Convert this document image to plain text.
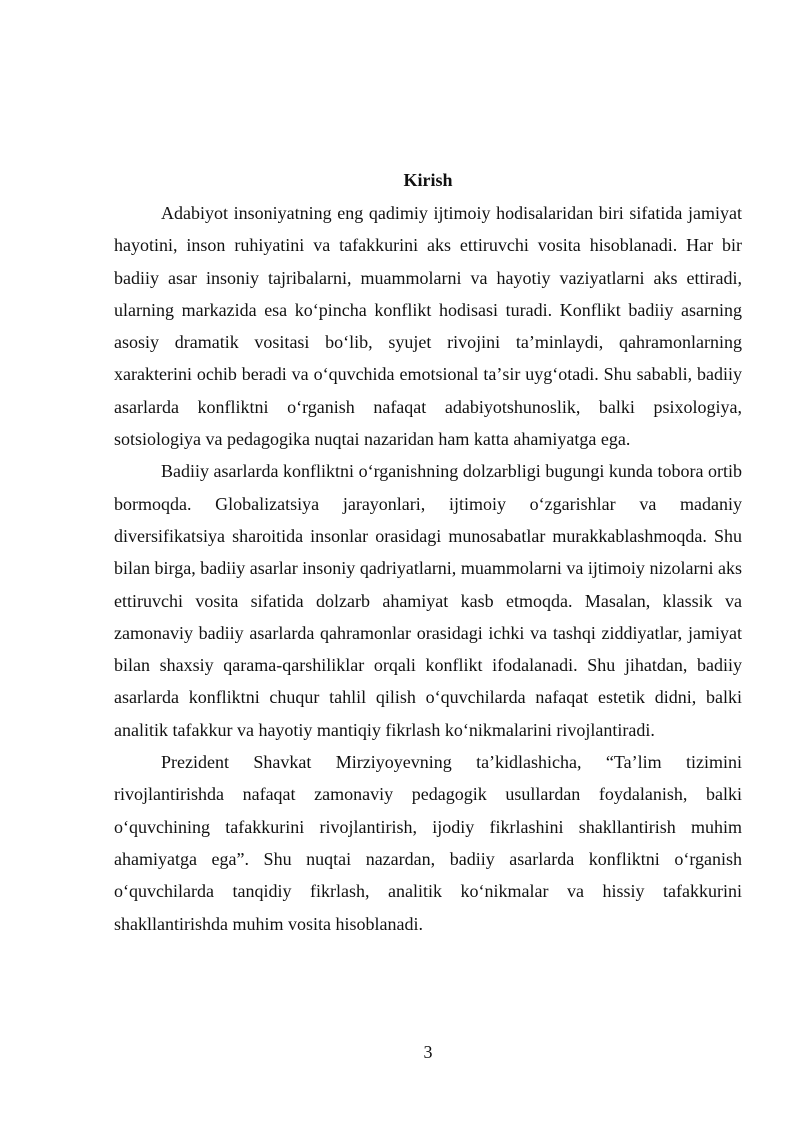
Kirish

Adabiyot insoniyatning eng qadimiy ijtimoiy hodisalaridan biri sifatida jamiyat hayotini, inson ruhiyatini va tafakkurini aks ettiruvchi vosita hisoblanadi. Har bir badiiy asar insoniy tajribalarni, muammolarni va hayotiy vaziyatlarni aks ettiradi, ularning markazida esa koʻpincha konflikt hodisasi turadi. Konflikt badiiy asarning asosiy dramatik vositasi boʻlib, syujet rivojini taʼminlaydi, qahramonlarning xarakterini ochib beradi va oʻquvchida emotsional taʼsir uygʻotadi. Shu sababli, badiiy asarlarda konfliktni oʻrganish nafaqat adabiyotshunoslik, balki psixologiya, sotsiologiya va pedagogika nuqtai nazaridan ham katta ahamiyatga ega.

Badiiy asarlarda konfliktni oʻrganishning dolzarbligi bugungi kunda tobora ortib bormoqda. Globalizatsiya jarayonlari, ijtimoiy oʻzgarishlar va madaniy diversifikatsiya sharoitida insonlar orasidagi munosabatlar murakkablashmoqda. Shu bilan birga, badiiy asarlar insoniy qadriyatlarni, muammolarni va ijtimoiy nizolarni aks ettiruvchi vosita sifatida dolzarb ahamiyat kasb etmoqda. Masalan, klassik va zamonaviy badiiy asarlarda qahramonlar orasidagi ichki va tashqi ziddiyatlar, jamiyat bilan shaxsiy qarama-qarshiliklar orqali konflikt ifodalanadi. Shu jihatdan, badiiy asarlarda konfliktni chuqur tahlil qilish oʻquvchilarda nafaqat estetik didni, balki analitik tafakkur va hayotiy mantiqiy fikrlash koʻnikmalarini rivojlantiradi.

Prezident Shavkat Mirziyoyevning taʼkidlashicha, “Taʼlim tizimini rivojlantirishda nafaqat zamonaviy pedagogik usullardan foydalanish, balki oʻquvchining tafakkurini rivojlantirish, ijodiy fikrlashini shakllantirish muhim ahamiyatga ega”. Shu nuqtai nazardan, badiiy asarlarda konfliktni oʻrganish oʻquvchilarda tanqidiy fikrlash, analitik koʻnikmalar va hissiy tafakkurini shakllantirishda muhim vosita hisoblanadi.

3
